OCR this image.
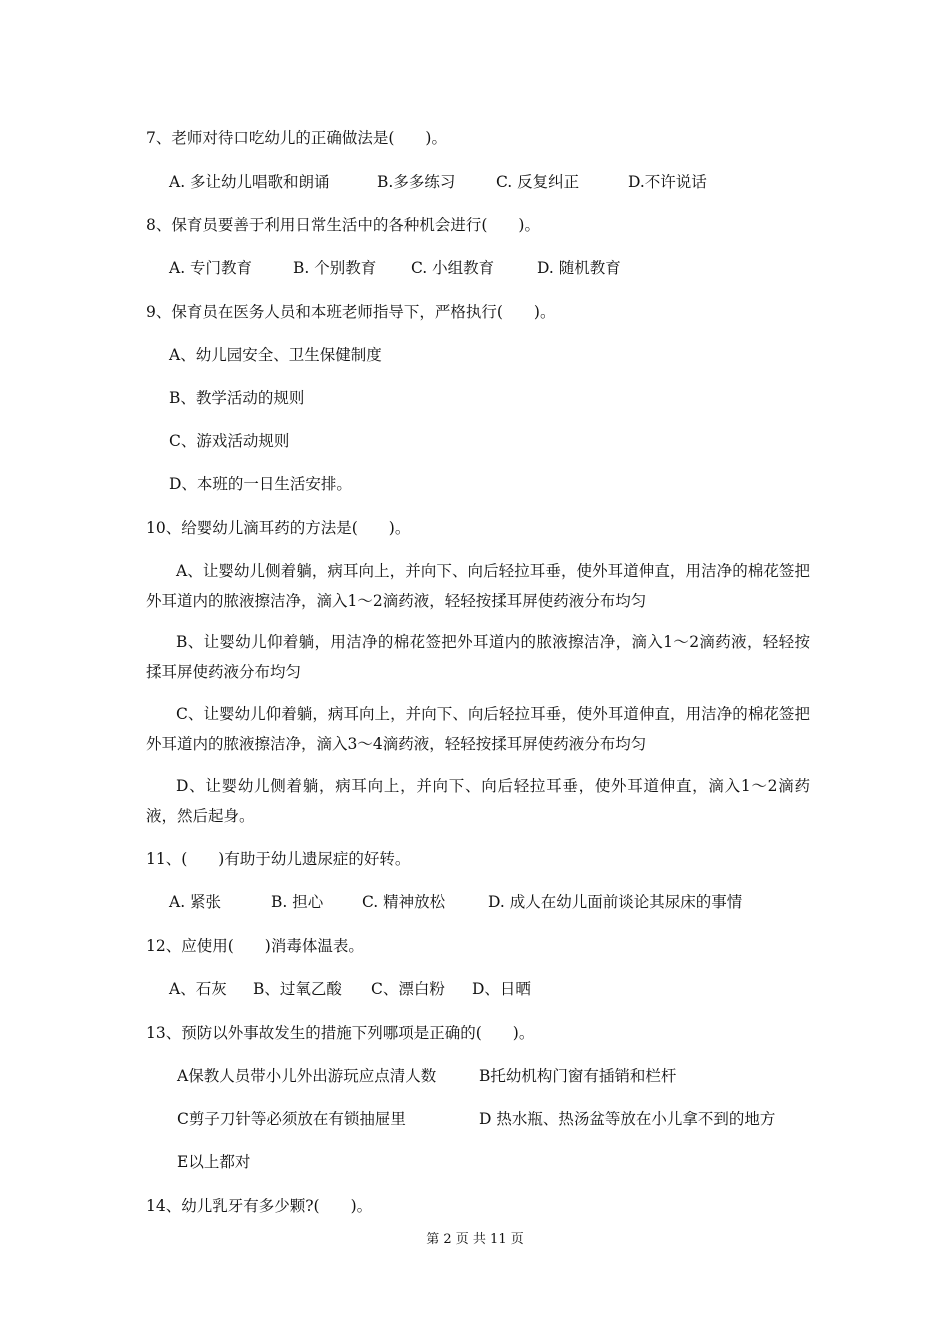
7、老师对待口吃幼儿的正确做法是(　　)。
A. 多让幼儿唱歌和朗诵	B.多多练习	C. 反复纠正	D.不许说话
8、保育员要善于利用日常生活中的各种机会进行(　　)。
A. 专门教育	B. 个别教育	C. 小组教育	D. 随机教育
9、保育员在医务人员和本班老师指导下，严格执行(　　)。
A、幼儿园安全、卫生保健制度
B、教学活动的规则
C、游戏活动规则
D、本班的一日生活安排。
10、给婴幼儿滴耳药的方法是(　　)。
A、让婴幼儿侧着躺，病耳向上，并向下、向后轻拉耳垂，使外耳道伸直，用洁净的棉花签把外耳道内的脓液擦洁净，滴入1～2滴药液，轻轻按揉耳屏使药液分布均匀
B、让婴幼儿仰着躺，用洁净的棉花签把外耳道内的脓液擦洁净，滴入1～2滴药液，轻轻按揉耳屏使药液分布均匀
C、让婴幼儿仰着躺，病耳向上，并向下、向后轻拉耳垂，使外耳道伸直，用洁净的棉花签把外耳道内的脓液擦洁净，滴入3～4滴药液，轻轻按揉耳屏使药液分布均匀
D、让婴幼儿侧着躺，病耳向上，并向下、向后轻拉耳垂，使外耳道伸直，滴入1～2滴药液，然后起身。
11、(　　)有助于幼儿遗尿症的好转。
A. 紧张	B. 担心	C. 精神放松	D. 成人在幼儿面前谈论其尿床的事情
12、应使用(　　)消毒体温表。
A、石灰	B、过氧乙酸	C、漂白粉	D、日晒
13、预防以外事故发生的措施下列哪项是正确的(　　)。
A保教人员带小儿外出游玩应点清人数	B托幼机构门窗有插销和栏杆
C剪子刀针等必须放在有锁抽屉里	D 热水瓶、热汤盆等放在小儿拿不到的地方
E以上都对
14、幼儿乳牙有多少颗?(　　)。
第 2 页 共 11 页
